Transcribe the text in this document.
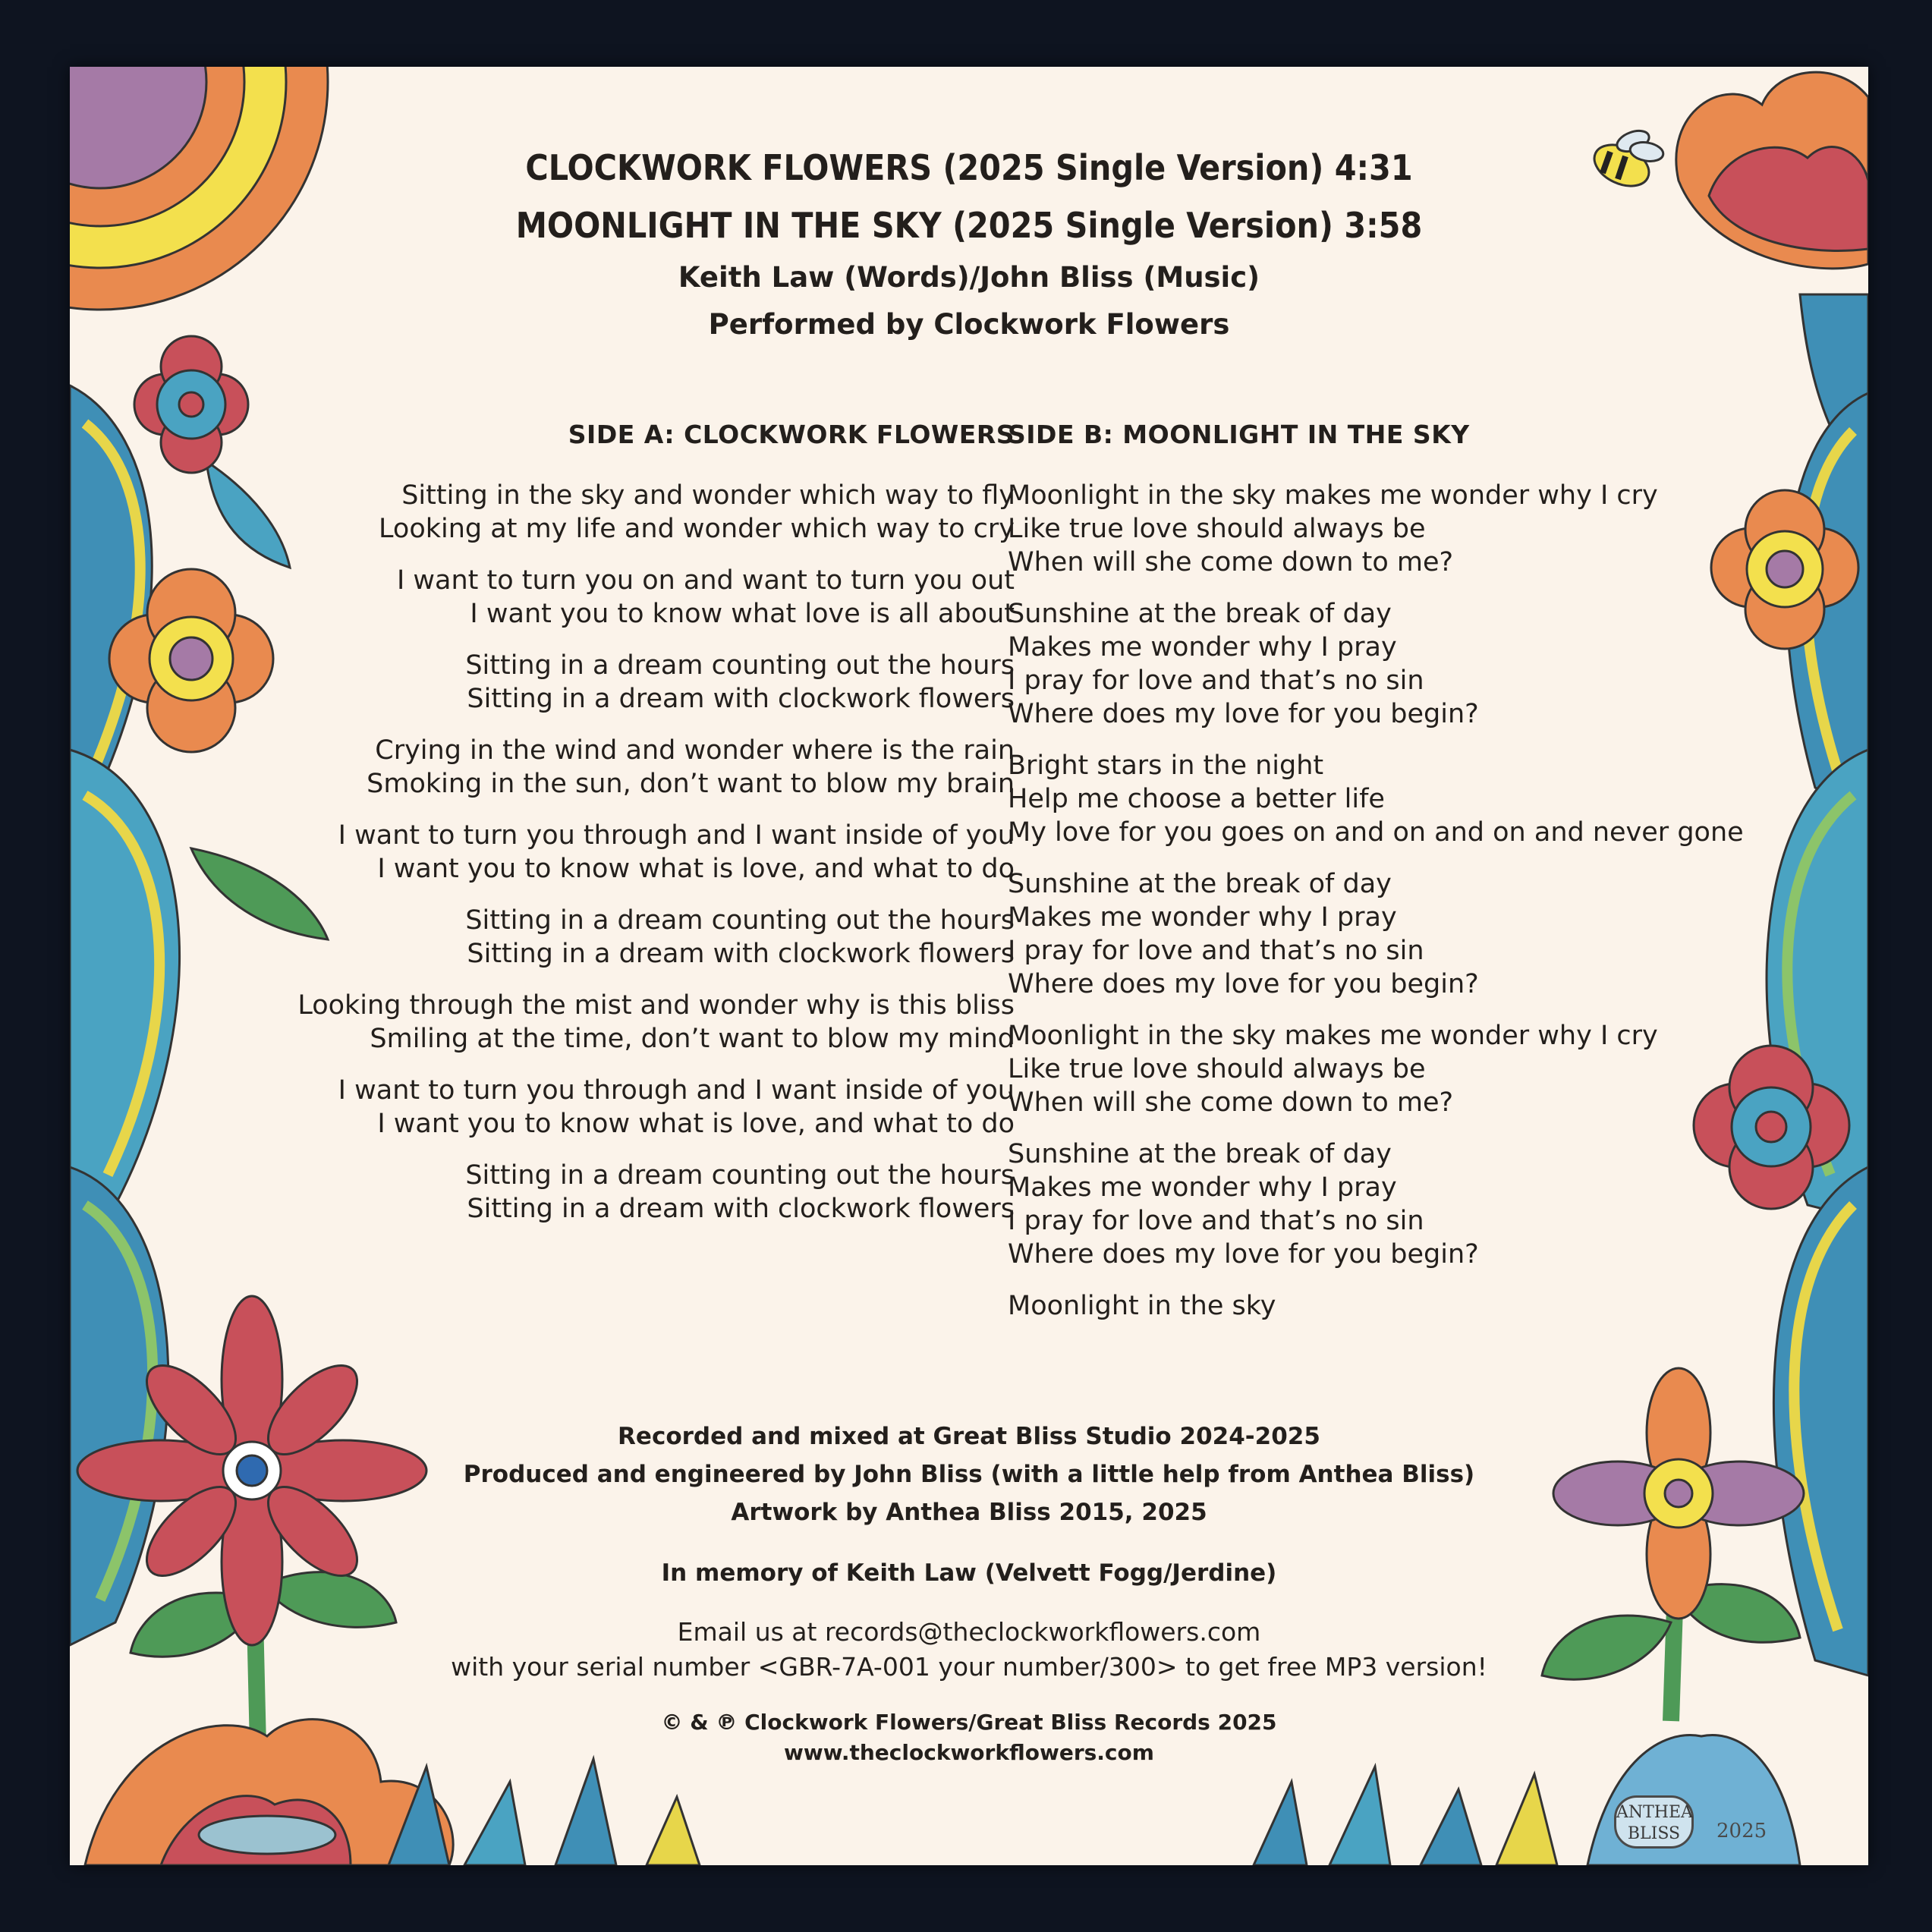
CLOCKWORK FLOWERS (2025 Single Version) 4:31
MOONLIGHT IN THE SKY (2025 Single Version) 3:58
Keith Law (Words)/John Bliss (Music)
Performed by Clockwork Flowers
SIDE A: CLOCKWORK FLOWERS
Sitting in the sky and wonder which way to fly
Looking at my life and wonder which way to cry
I want to turn you on and want to turn you out
I want you to know what love is all about
Sitting in a dream counting out the hours
Sitting in a dream with clockwork flowers
Crying in the wind and wonder where is the rain
Smoking in the sun, don’t want to blow my brain
I want to turn you through and I want inside of you
I want you to know what is love, and what to do
Sitting in a dream counting out the hours
Sitting in a dream with clockwork flowers
Looking through the mist and wonder why is this bliss
Smiling at the time, don’t want to blow my mind
I want to turn you through and I want inside of you
I want you to know what is love, and what to do
Sitting in a dream counting out the hours
Sitting in a dream with clockwork flowers
SIDE B: MOONLIGHT IN THE SKY
Moonlight in the sky makes me wonder why I cry
Like true love should always be
When will she come down to me?
Sunshine at the break of day
Makes me wonder why I pray
I pray for love and that’s no sin
Where does my love for you begin?
Bright stars in the night
Help me choose a better life
My love for you goes on and on and on and never gone
Sunshine at the break of day
Makes me wonder why I pray
I pray for love and that’s no sin
Where does my love for you begin?
Moonlight in the sky makes me wonder why I cry
Like true love should always be
When will she come down to me?
Sunshine at the break of day
Makes me wonder why I pray
I pray for love and that’s no sin
Where does my love for you begin?
Moonlight in the sky
Recorded and mixed at Great Bliss Studio 2024-2025
Produced and engineered by John Bliss (with a little help from Anthea Bliss)
Artwork by Anthea Bliss 2015, 2025
In memory of Keith Law (Velvett Fogg/Jerdine)
Email us at records@theclockworkflowers.com
with your serial number <GBR-7A-001 your number/300> to get free MP3 version!
© & ℗ Clockwork Flowers/Great Bliss Records 2025
www.theclockworkflowers.com
ANTHEA
BLISS	2025
